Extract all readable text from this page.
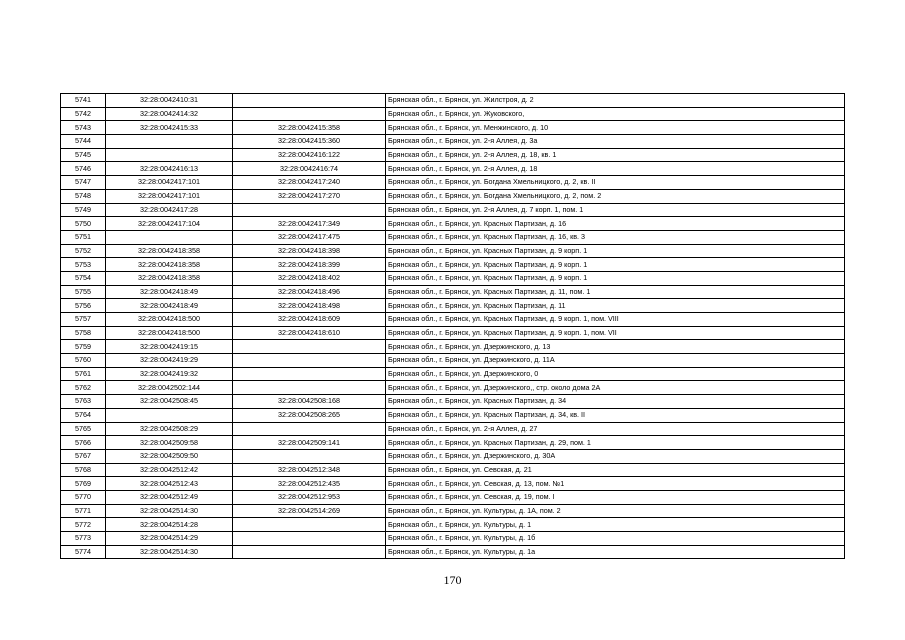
5741	32:28:0042410:31		Брянская обл., г. Брянск, ул. Жилстроя, д. 2
5742	32:28:0042414:32		Брянская обл., г. Брянск, ул. Жуковского,
5743	32:28:0042415:33	32:28:0042415:358	Брянская обл., г. Брянск, ул. Менжинского, д. 10
5744		32:28:0042415:360	Брянская обл., г. Брянск, ул. 2-я Аллея, д. 3а
5745		32:28:0042416:122	Брянская обл., г. Брянск, ул. 2-я Аллея, д. 18, кв. 1
5746	32:28:0042416:13	32:28:0042416:74	Брянская обл., г. Брянск, ул. 2-я Аллея, д. 18
5747	32:28:0042417:101	32:28:0042417:240	Брянская обл., г. Брянск, ул. Богдана Хмельницкого, д. 2, кв. II
5748	32:28:0042417:101	32:28:0042417:270	Брянская обл., г. Брянск, ул. Богдана Хмельницкого, д. 2, пом. 2
5749	32:28:0042417:28		Брянская обл., г. Брянск, ул. 2-я Аллея, д. 7 корп. 1, пом. 1
5750	32:28:0042417:104	32:28:0042417:349	Брянская обл., г. Брянск, ул. Красных Партизан, д. 16
5751		32:28:0042417:475	Брянская обл., г. Брянск, ул. Красных Партизан, д. 16, кв. 3
5752	32:28:0042418:358	32:28:0042418:398	Брянская обл., г. Брянск, ул. Красных Партизан, д. 9 корп. 1
5753	32:28:0042418:358	32:28:0042418:399	Брянская обл., г. Брянск, ул. Красных Партизан, д. 9 корп. 1
5754	32:28:0042418:358	32:28:0042418:402	Брянская обл., г. Брянск, ул. Красных Партизан, д. 9 корп. 1
5755	32:28:0042418:49	32:28:0042418:496	Брянская обл., г. Брянск, ул. Красных Партизан, д. 11, пом. 1
5756	32:28:0042418:49	32:28:0042418:498	Брянская обл., г. Брянск, ул. Красных Партизан, д. 11
5757	32:28:0042418:500	32:28:0042418:609	Брянская обл., г. Брянск, ул. Красных Партизан, д. 9 корп. 1, пом. VIII
5758	32:28:0042418:500	32:28:0042418:610	Брянская обл., г. Брянск, ул. Красных Партизан, д. 9 корп. 1, пом. VII
5759	32:28:0042419:15		Брянская обл., г. Брянск, ул. Дзержинского, д. 13
5760	32:28:0042419:29		Брянская обл., г. Брянск, ул. Дзержинского, д. 11А
5761	32:28:0042419:32		Брянская обл., г. Брянск, ул. Дзержинского, 0
5762	32:28:0042502:144		Брянская обл., г. Брянск, ул. Дзержинского,, стр. около дома 2А
5763	32:28:0042508:45	32:28:0042508:168	Брянская обл., г. Брянск, ул. Красных Партизан, д. 34
5764		32:28:0042508:265	Брянская обл., г. Брянск, ул. Красных Партизан, д. 34, кв. II
5765	32:28:0042508:29		Брянская обл., г. Брянск, ул. 2-я Аллея, д. 27
5766	32:28:0042509:58	32:28:0042509:141	Брянская обл., г. Брянск, ул. Красных Партизан, д. 29, пом. 1
5767	32:28:0042509:50		Брянская обл., г. Брянск, ул. Дзержинского, д. 30А
5768	32:28:0042512:42	32:28:0042512:348	Брянская обл., г. Брянск, ул. Севская, д. 21
5769	32:28:0042512:43	32:28:0042512:435	Брянская обл., г. Брянск, ул. Севская, д. 13, пом. №1
5770	32:28:0042512:49	32:28:0042512:953	Брянская обл., г. Брянск, ул. Севская, д. 19, пом. I
5771	32:28:0042514:30	32:28:0042514:269	Брянская обл., г. Брянск, ул. Культуры, д. 1А, пом. 2
5772	32:28:0042514:28		Брянская обл., г. Брянск, ул. Культуры, д. 1
5773	32:28:0042514:29		Брянская обл., г. Брянск, ул. Культуры, д. 1б
5774	32:28:0042514:30		Брянская обл., г. Брянск, ул. Культуры, д. 1а
170
